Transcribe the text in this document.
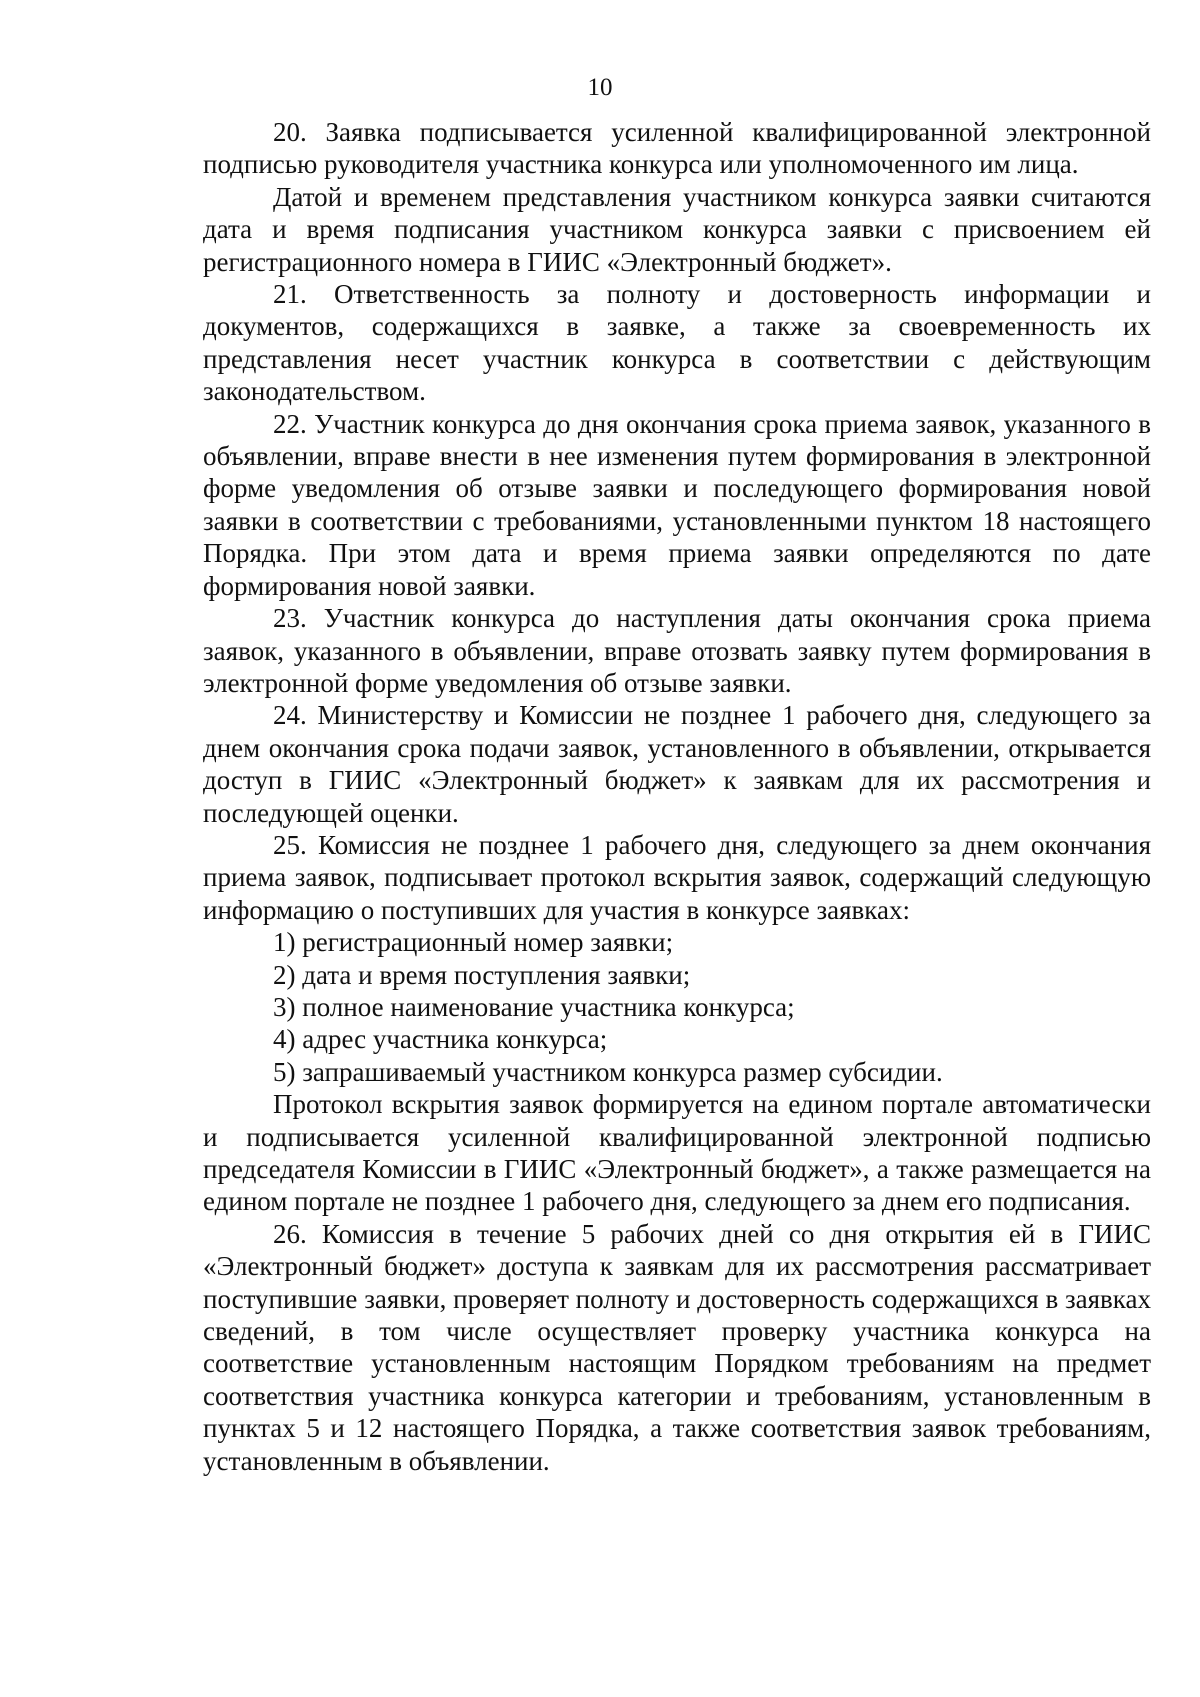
10

20. Заявка подписывается усиленной квалифицированной электронной подписью руководителя участника конкурса или уполномоченного им лица.

Датой и временем представления участником конкурса заявки считаются дата и время подписания участником конкурса заявки с присвоением ей регистрационного номера в ГИИС «Электронный бюджет».

21. Ответственность за полноту и достоверность информации и документов, содержащихся в заявке, а также за своевременность их представления несет участник конкурса в соответствии с действующим законодательством.

22. Участник конкурса до дня окончания срока приема заявок, указанного в объявлении, вправе внести в нее изменения путем формирования в электронной форме уведомления об отзыве заявки и последующего формирования новой заявки в соответствии с требованиями, установленными пунктом 18 настоящего Порядка. При этом дата и время приема заявки определяются по дате формирования новой заявки.

23. Участник конкурса до наступления даты окончания срока приема заявок, указанного в объявлении, вправе отозвать заявку путем формирования в электронной форме уведомления об отзыве заявки.

24. Министерству и Комиссии не позднее 1 рабочего дня, следующего за днем окончания срока подачи заявок, установленного в объявлении, открывается доступ в ГИИС «Электронный бюджет» к заявкам для их рассмотрения и последующей оценки.

25. Комиссия не позднее 1 рабочего дня, следующего за днем окончания приема заявок, подписывает протокол вскрытия заявок, содержащий следующую информацию о поступивших для участия в конкурсе заявках:

1) регистрационный номер заявки;

2) дата и время поступления заявки;

3) полное наименование участника конкурса;

4) адрес участника конкурса;

5) запрашиваемый участником конкурса размер субсидии.

Протокол вскрытия заявок формируется на едином портале автоматически и подписывается усиленной квалифицированной электронной подписью председателя Комиссии в ГИИС «Электронный бюджет», а также размещается на едином портале не позднее 1 рабочего дня, следующего за днем его подписания.

26. Комиссия в течение 5 рабочих дней со дня открытия ей в ГИИС «Электронный бюджет» доступа к заявкам для их рассмотрения рассматривает поступившие заявки, проверяет полноту и достоверность содержащихся в заявках сведений, в том числе осуществляет проверку участника конкурса на соответствие установленным настоящим Порядком требованиям на предмет соответствия участника конкурса категории и требованиям, установленным в пунктах 5 и 12 настоящего Порядка, а также соответствия заявок требованиям, установленным в объявлении.
